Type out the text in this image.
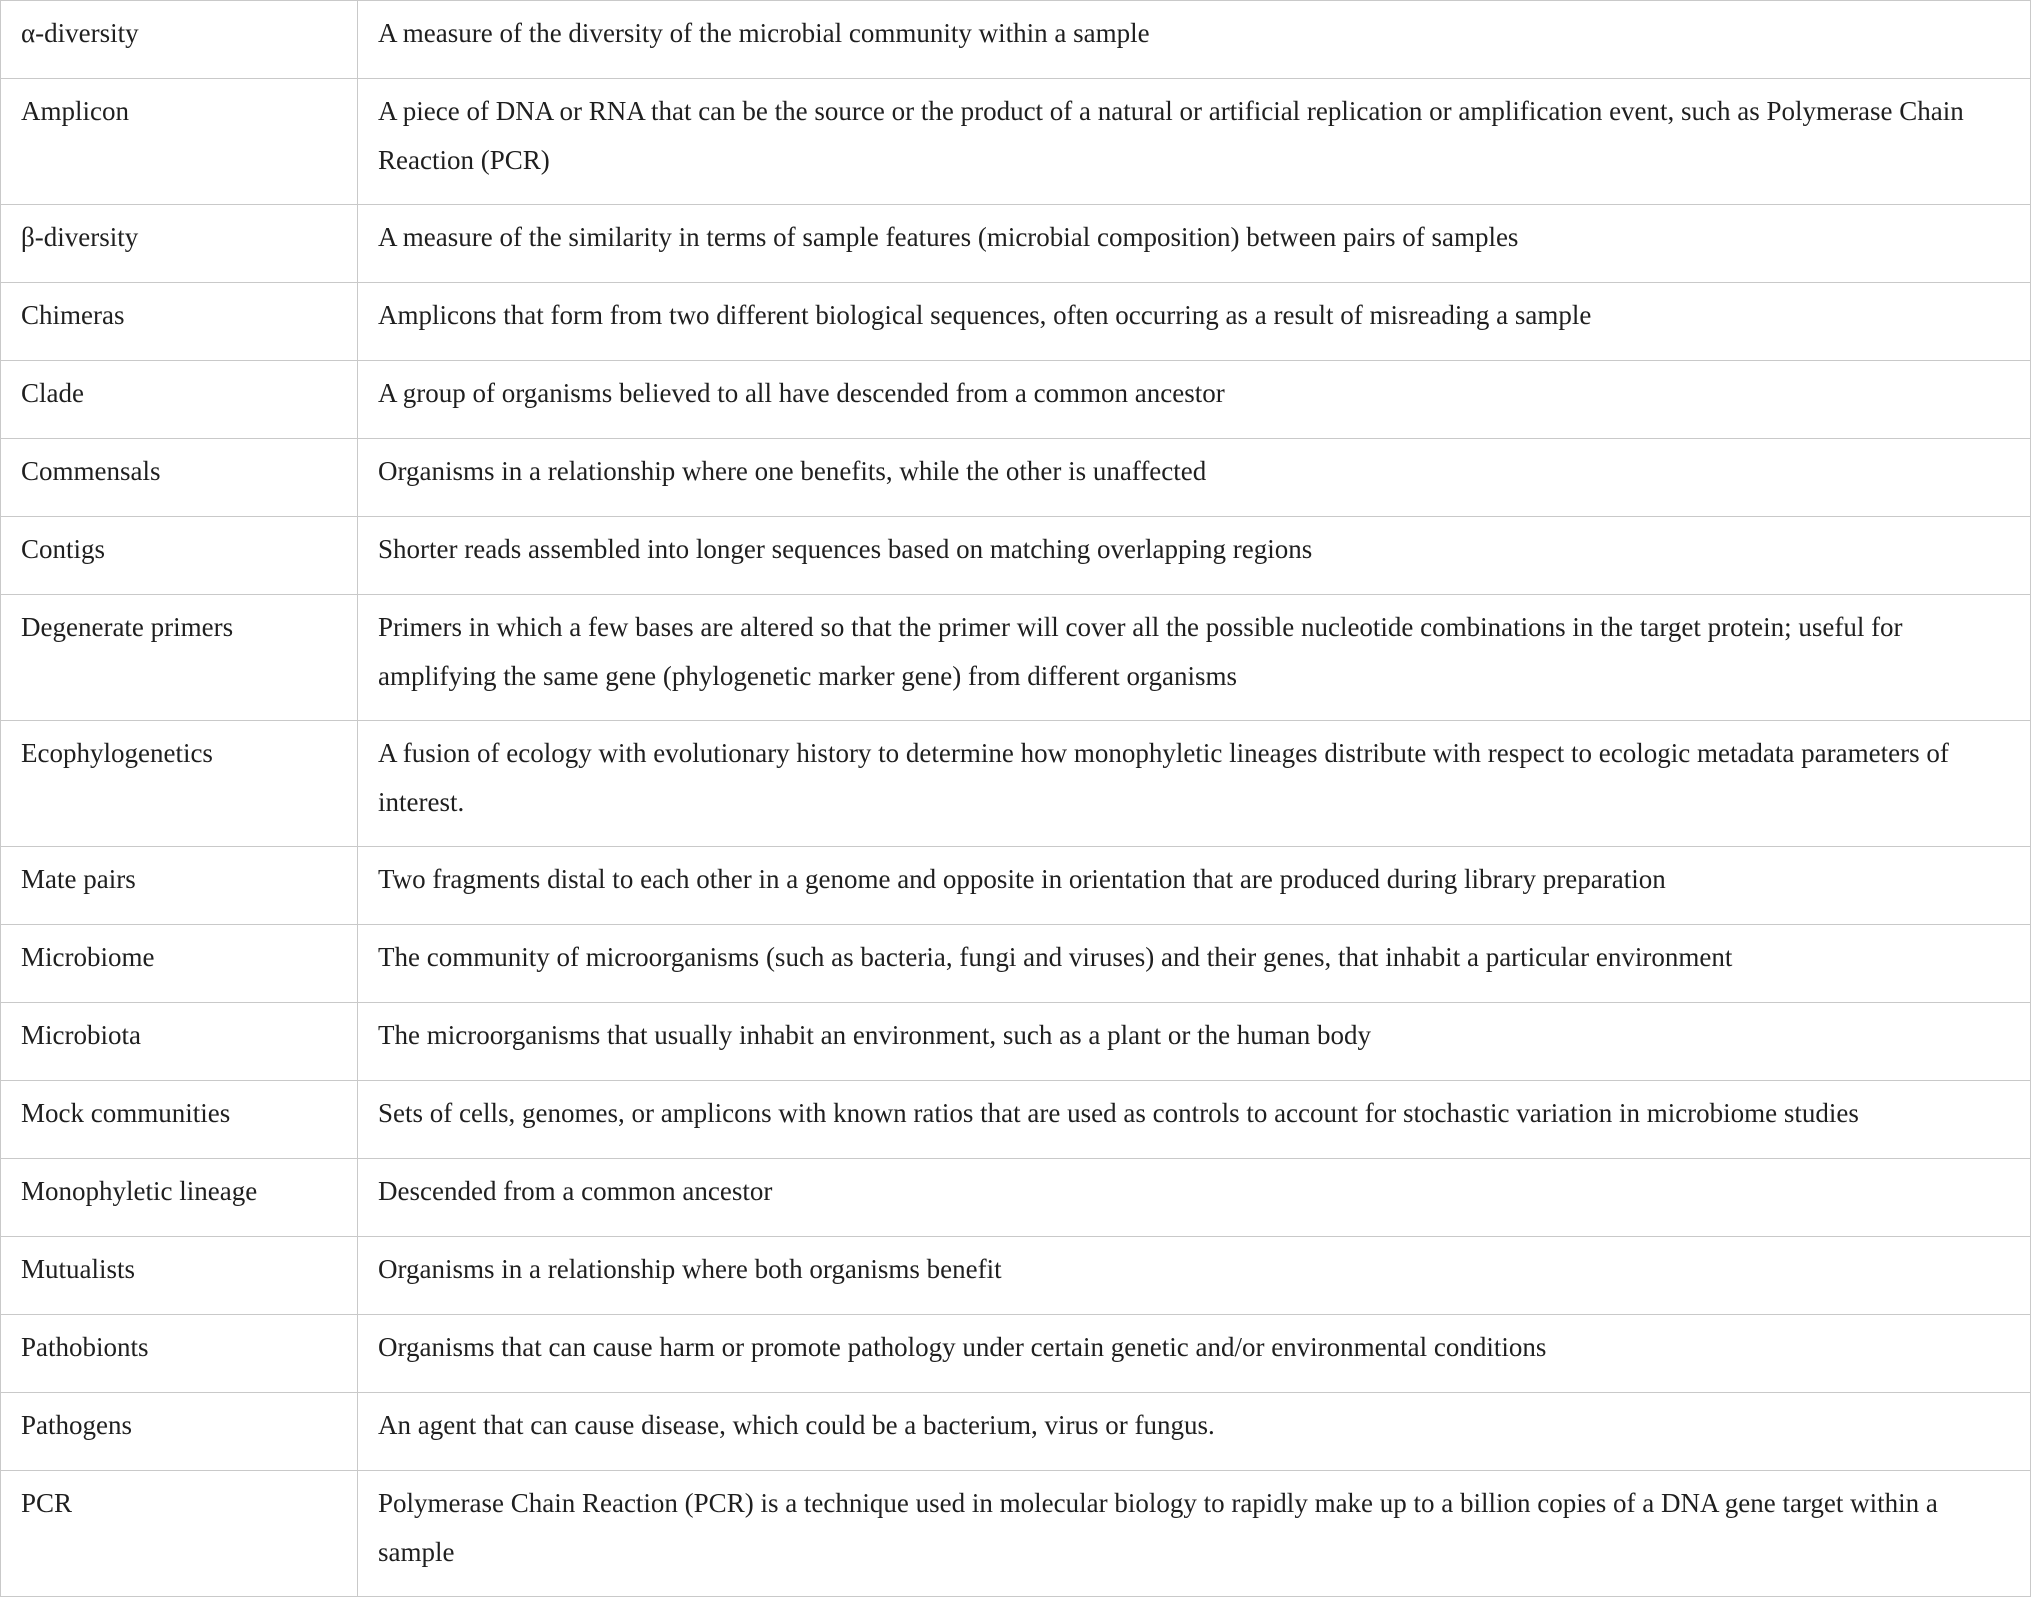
α-diversity	A measure of the diversity of the microbial community within a sample
Amplicon	A piece of DNA or RNA that can be the source or the product of a natural or artificial replication or amplification event, such as Polymerase Chain Reaction (PCR)
β-diversity	A measure of the similarity in terms of sample features (microbial composition) between pairs of samples
Chimeras	Amplicons that form from two different biological sequences, often occurring as a result of misreading a sample
Clade	A group of organisms believed to all have descended from a common ancestor
Commensals	Organisms in a relationship where one benefits, while the other is unaffected
Contigs	Shorter reads assembled into longer sequences based on matching overlapping regions
Degenerate primers	Primers in which a few bases are altered so that the primer will cover all the possible nucleotide combinations in the target protein; useful for amplifying the same gene (phylogenetic marker gene) from different organisms
Ecophylogenetics	A fusion of ecology with evolutionary history to determine how monophyletic lineages distribute with respect to ecologic metadata parameters of interest.
Mate pairs	Two fragments distal to each other in a genome and opposite in orientation that are produced during library preparation
Microbiome	The community of microorganisms (such as bacteria, fungi and viruses) and their genes, that inhabit a particular environment
Microbiota	The microorganisms that usually inhabit an environment, such as a plant or the human body
Mock communities	Sets of cells, genomes, or amplicons with known ratios that are used as controls to account for stochastic variation in microbiome studies
Monophyletic lineage	Descended from a common ancestor
Mutualists	Organisms in a relationship where both organisms benefit
Pathobionts	Organisms that can cause harm or promote pathology under certain genetic and/or environmental conditions
Pathogens	An agent that can cause disease, which could be a bacterium, virus or fungus.
PCR	Polymerase Chain Reaction (PCR) is a technique used in molecular biology to rapidly make up to a billion copies of a DNA gene target within a sample
